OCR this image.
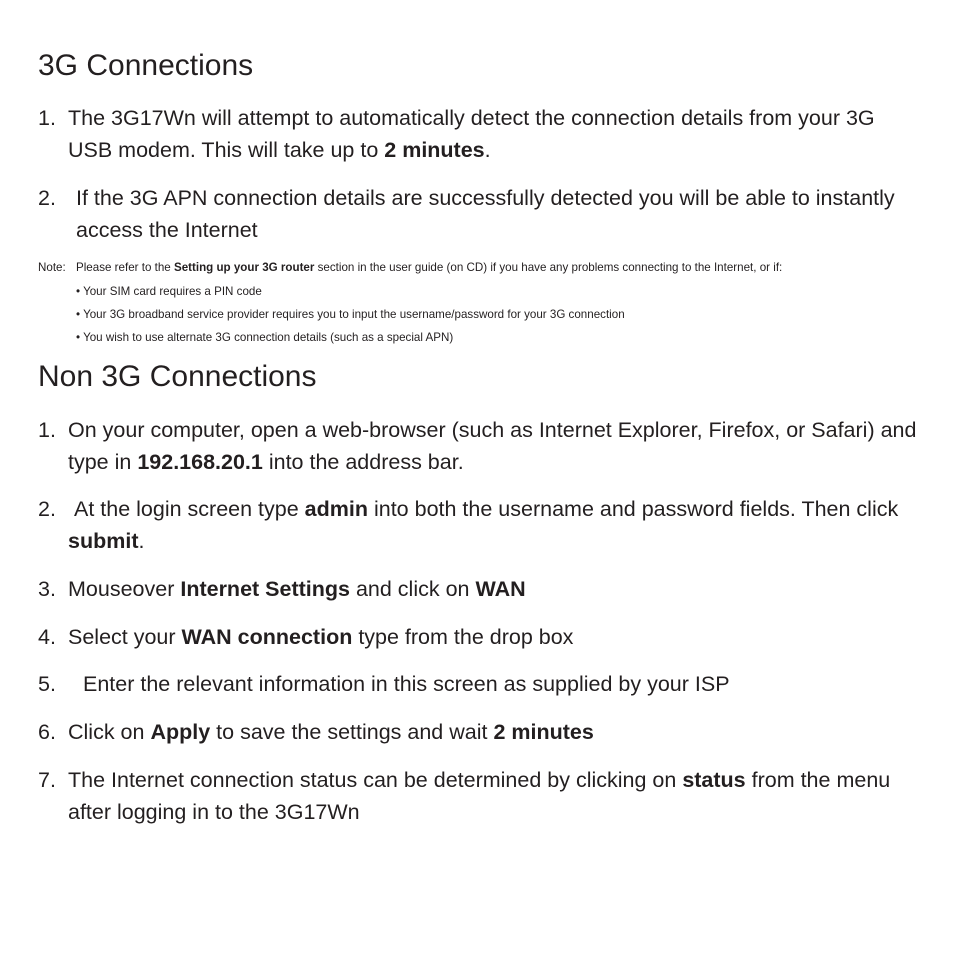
3G Connections
1. The 3G17Wn will attempt to automatically detect the connection details from your 3G USB modem. This will take up to 2 minutes.
2. If the 3G APN connection details are successfully detected you will be able to instantly access the Internet
Note: Please refer to the Setting up your 3G router section in the user guide (on CD) if you have any problems connecting to the Internet, or if:
• Your SIM card requires a PIN code
• Your 3G broadband service provider requires you to input the username/password for your 3G connection
• You wish to use alternate 3G connection details (such as a special APN)
Non 3G Connections
1. On your computer, open a web-browser (such as Internet Explorer, Firefox, or Safari) and type in 192.168.20.1 into the address bar.
2. At the login screen type admin into both the username and password fields. Then click submit.
3. Mouseover Internet Settings and click on WAN
4. Select your WAN connection type from the drop box
5.	Enter the relevant information in this screen as supplied by your ISP
6. Click on Apply to save the settings and wait 2 minutes
7. The Internet connection status can be determined by clicking on status from the menu after logging in to the 3G17Wn
